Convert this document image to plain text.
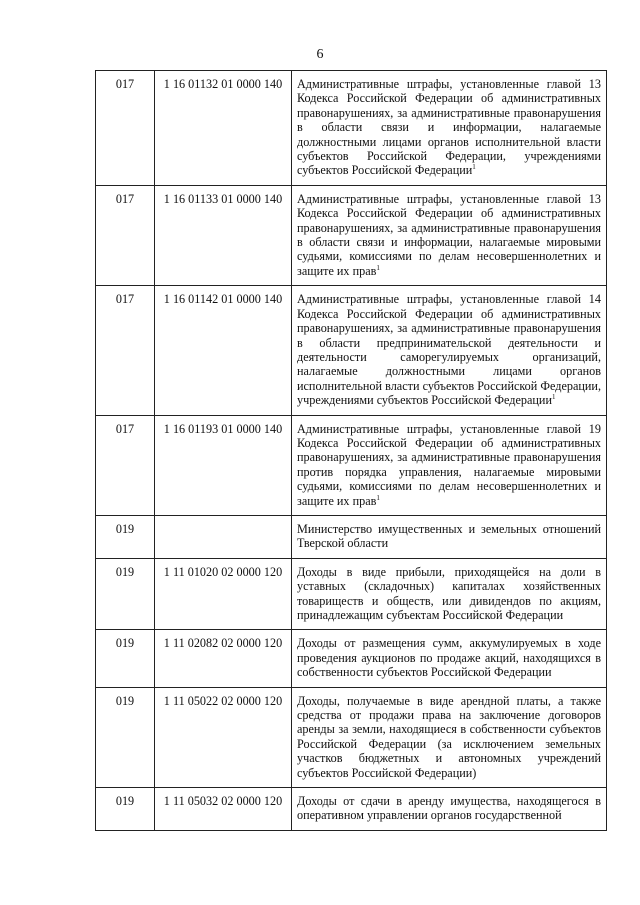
6
017	1 16 01132 01 0000 140	Административные штрафы, установленные главой 13 Кодекса Российской Федерации об административных правонарушениях, за административные правонарушения в области связи и информации, налагаемые должностными лицами органов исполнительной власти субъектов Российской Федерации, учреждениями субъектов Российской Федерации$^1$
017	1 16 01133 01 0000 140	Административные штрафы, установленные главой 13 Кодекса Российской Федерации об административных правонарушениях, за административные правонарушения в области связи и информации, налагаемые мировыми судьями, комиссиями по делам несовершеннолетних и защите их прав$^1$
017	1 16 01142 01 0000 140	Административные штрафы, установленные главой 14 Кодекса Российской Федерации об административных правонарушениях, за административные правонарушения в области предпринимательской деятельности и деятельности саморегулируемых организаций, налагаемые должностными лицами органов исполнительной власти субъектов Российской Федерации, учреждениями субъектов Российской Федерации$^1$
017	1 16 01193 01 0000 140	Административные штрафы, установленные главой 19 Кодекса Российской Федерации об административных правонарушениях, за административные правонарушения против порядка управления, налагаемые мировыми судьями, комиссиями по делам несовершеннолетних и защите их прав$^1$
019		Министерство имущественных и земельных отношений Тверской области
019	1 11 01020 02 0000 120	Доходы в виде прибыли, приходящейся на доли в уставных (складочных) капиталах хозяйственных товариществ и обществ, или дивидендов по акциям, принадлежащим субъектам Российской Федерации
019	1 11 02082 02 0000 120	Доходы от размещения сумм, аккумулируемых в ходе проведения аукционов по продаже акций, находящихся в собственности субъектов Российской Федерации
019	1 11 05022 02 0000 120	Доходы, получаемые в виде арендной платы, а также средства от продажи права на заключение договоров аренды за земли, находящиеся в собственности субъектов Российской Федерации (за исключением земельных участков бюджетных и автономных учреждений субъектов Российской Федерации)
019	1 11 05032 02 0000 120	Доходы от сдачи в аренду имущества, находящегося в оперативном управлении органов государственной
